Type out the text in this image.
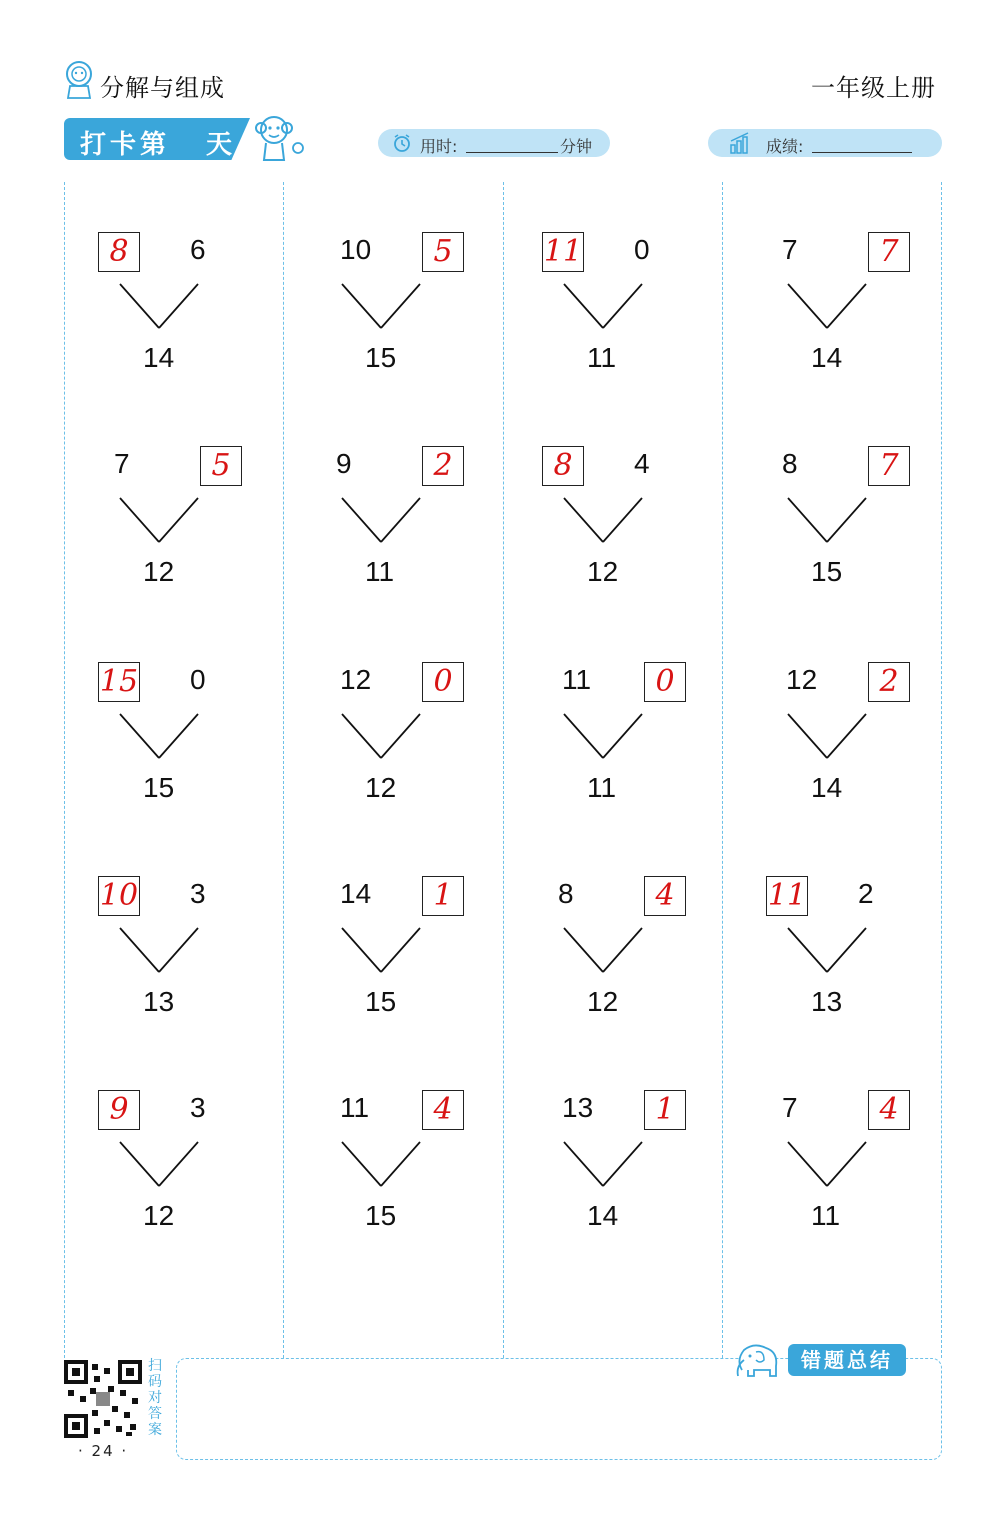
分解与组成	一年级上册
打卡第 天	用时:	分钟	成绩:
8	6
14
10	5
15
11 0
11
7	7
14
7	5
12
9	2
11
8	4
12
8	7
15
15 0
15
12	0
12
11	0
11
12	2
14
10 3
13
14	1
15
8	4
12
11 2
13
9	3
12
11	4
15
13	1
14
7	4
11
扫码对答案
· 24 ·
错题总结
